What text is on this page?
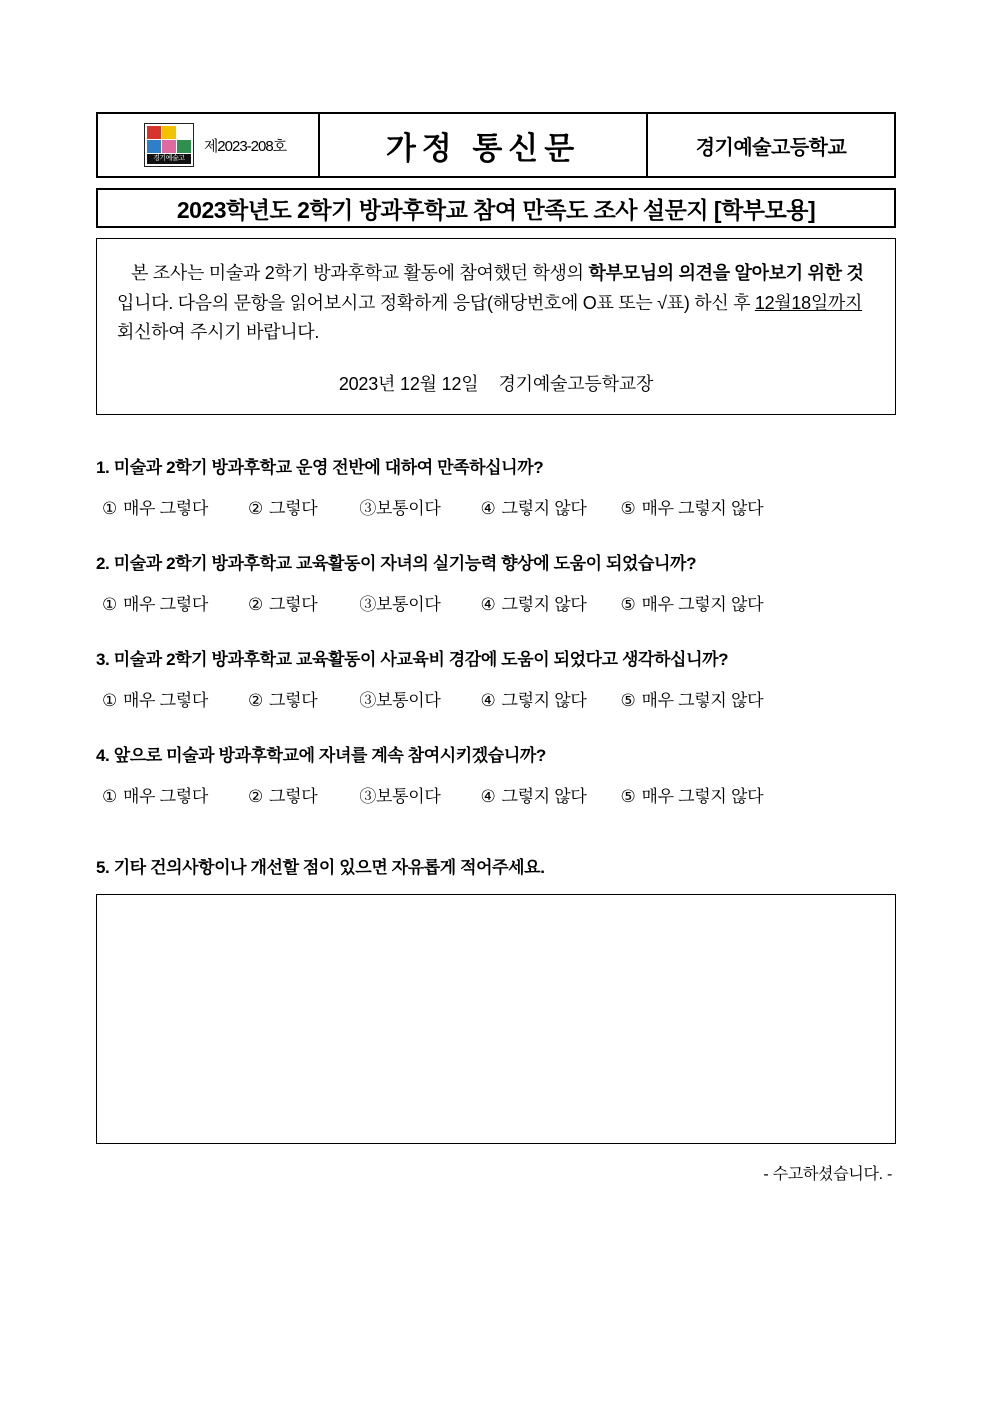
경기예술고
제2023-208호	가정 통신문	경기예술고등학교
2023학년도 2학기 방과후학교 참여 만족도 조사 설문지 [학부모용]

본 조사는 미술과 2학기 방과후학교 활동에 참여했던 학생의 학부모님의 의견을 알아보기 위한 것 입니다. 다음의 문항을 읽어보시고 정확하게 응답(해당번호에 O표 또는 √표) 하신 후 12월18일까지 회신하여 주시기 바랍니다.

2023년 12월 12일 경기예술고등학교장

1. 미술과 2학기 방과후학교 운영 전반에 대하여 만족하십니까?

① 매우 그렇다 ② 그렇다 ③보통이다 ④ 그렇지 않다 ⑤ 매우 그렇지 않다

2. 미술과 2학기 방과후학교 교육활동이 자녀의 실기능력 향상에 도움이 되었습니까?

① 매우 그렇다 ② 그렇다 ③보통이다 ④ 그렇지 않다 ⑤ 매우 그렇지 않다

3. 미술과 2학기 방과후학교 교육활동이 사교육비 경감에 도움이 되었다고 생각하십니까?

① 매우 그렇다 ② 그렇다 ③보통이다 ④ 그렇지 않다 ⑤ 매우 그렇지 않다

4. 앞으로 미술과 방과후학교에 자녀를 계속 참여시키겠습니까?

① 매우 그렇다 ② 그렇다 ③보통이다 ④ 그렇지 않다 ⑤ 매우 그렇지 않다

5. 기타 건의사항이나 개선할 점이 있으면 자유롭게 적어주세요.

- 수고하셨습니다. -
